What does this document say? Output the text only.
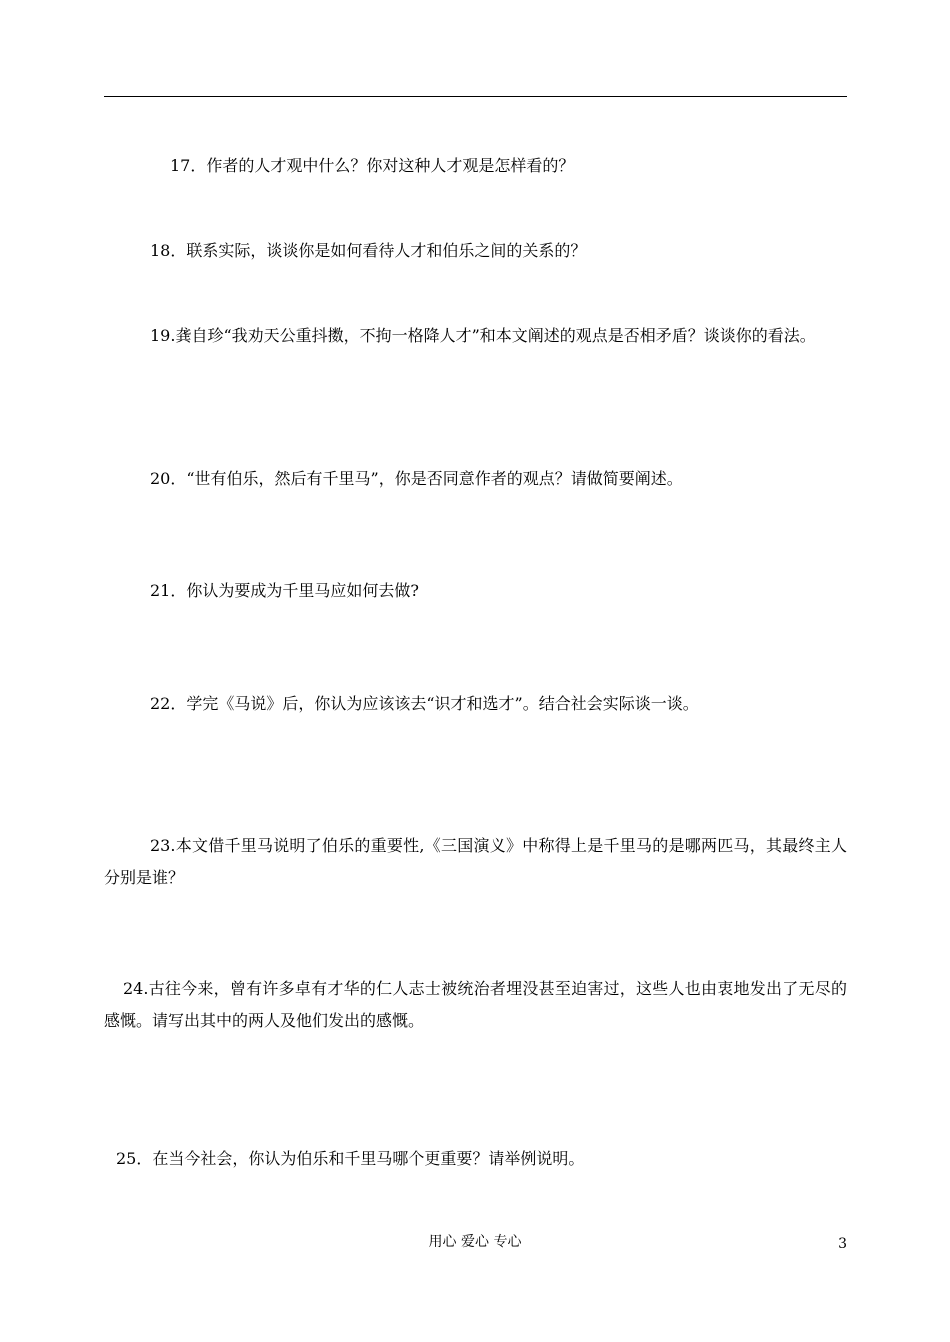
17．作者的人才观中什么？你对这种人才观是怎样看的？
18．联系实际，谈谈你是如何看待人才和伯乐之间的关系的？
19.龚自珍“我劝天公重抖擞，不拘一格降人才”和本文阐述的观点是否相矛盾？谈谈你的看法。
20．“世有伯乐，然后有千里马”，你是否同意作者的观点？请做简要阐述。
21．你认为要成为千里马应如何去做?
22．学完《马说》后，你认为应该该去“识才和选才”。结合社会实际谈一谈。
23.本文借千里马说明了伯乐的重要性,《三国演义》中称得上是千里马的是哪两匹马，其最终主人分别是谁？
24.古往今来，曾有许多卓有才华的仁人志士被统治者埋没甚至迫害过，这些人也由衷地发出了无尽的感慨。请写出其中的两人及他们发出的感慨。
25．在当今社会，你认为伯乐和千里马哪个更重要？请举例说明。
用心 爱心 专心	3
